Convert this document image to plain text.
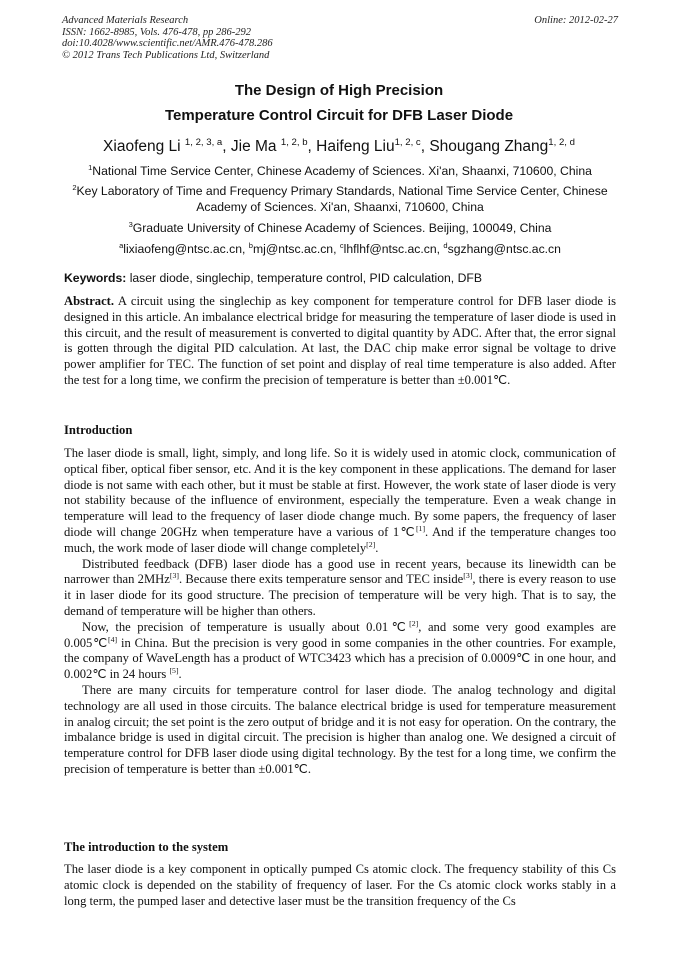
Advanced Materials Research
ISSN: 1662-8985, Vols. 476-478, pp 286-292
doi:10.4028/www.scientific.net/AMR.476-478.286
© 2012 Trans Tech Publications Ltd, Switzerland
Online: 2012-02-27
The Design of High Precision
Temperature Control Circuit for DFB Laser Diode
Xiaofeng Li $^{1, 2, 3, a}$, Jie Ma $^{1, 2, b}$, Haifeng Liu$^{1, 2, c}$, Shougang Zhang$^{1, 2, d}$
$^1$National Time Service Center, Chinese Academy of Sciences. Xi'an, Shaanxi, 710600, China
$^2$Key Laboratory of Time and Frequency Primary Standards, National Time Service Center, Chinese Academy of Sciences. Xi'an, Shaanxi, 710600, China
$^3$Graduate University of Chinese Academy of Sciences. Beijing, 100049, China
$^a$lixiaofeng@ntsc.ac.cn, $^b$mj@ntsc.ac.cn, $^c$lhflhf@ntsc.ac.cn, $^d$sgzhang@ntsc.ac.cn
Keywords: laser diode, singlechip, temperature control, PID calculation, DFB

Abstract. A circuit using the singlechip as key component for temperature control for DFB laser diode is designed in this article. An imbalance electrical bridge for measuring the temperature of laser diode is used in this circuit, and the result of measurement is converted to digital quantity by ADC. After that, the error signal is gotten through the digital PID calculation. At last, the DAC chip make error signal be voltage to drive power amplifier for TEC. The function of set point and display of real time temperature is also added. After the test for a long time, we confirm the precision of temperature is better than ±0.001℃.

Introduction

The laser diode is small, light, simply, and long life. So it is widely used in atomic clock, communication of optical fiber, optical fiber sensor, etc. And it is the key component in these applications. The demand for laser diode is not same with each other, but it must be stable at first. However, the work state of laser diode is very not stability because of the influence of environment, especially the temperature. Even a weak change in temperature will lead to the frequency of laser diode change much. By some papers, the frequency of laser diode will change 20GHz when temperature have a various of 1℃[1]. And if the temperature changes too much, the work mode of laser diode will change completely[2].

Distributed feedback (DFB) laser diode has a good use in recent years, because its linewidth can be narrower than 2MHz[3]. Because there exits temperature sensor and TEC inside[3], there is every reason to use it in laser diode for its good structure. The precision of temperature will be very high. That is to say, the demand of temperature will be higher than others.

Now, the precision of temperature is usually about 0.01℃[2], and some very good examples are 0.005℃[4] in China. But the precision is very good in some companies in the other countries. For example, the company of WaveLength has a product of WTC3423 which has a precision of 0.0009℃ in one hour, and 0.002℃ in 24 hours [5].

There are many circuits for temperature control for laser diode. The analog technology and digital technology are all used in those circuits. The balance electrical bridge is used for temperature measurement in analog circuit; the set point is the zero output of bridge and it is not easy for operation. On the contrary, the imbalance bridge is used in digital circuit. The precision is higher than analog one. We designed a circuit of temperature control for DFB laser diode using digital technology. By the test for a long time, we confirm the precision of temperature is better than ±0.001℃.

The introduction to the system

The laser diode is a key component in optically pumped Cs atomic clock. The frequency stability of this Cs atomic clock is depended on the stability of frequency of laser. For the Cs atomic clock works stably in a long term, the pumped laser and detective laser must be the transition frequency of the Cs
